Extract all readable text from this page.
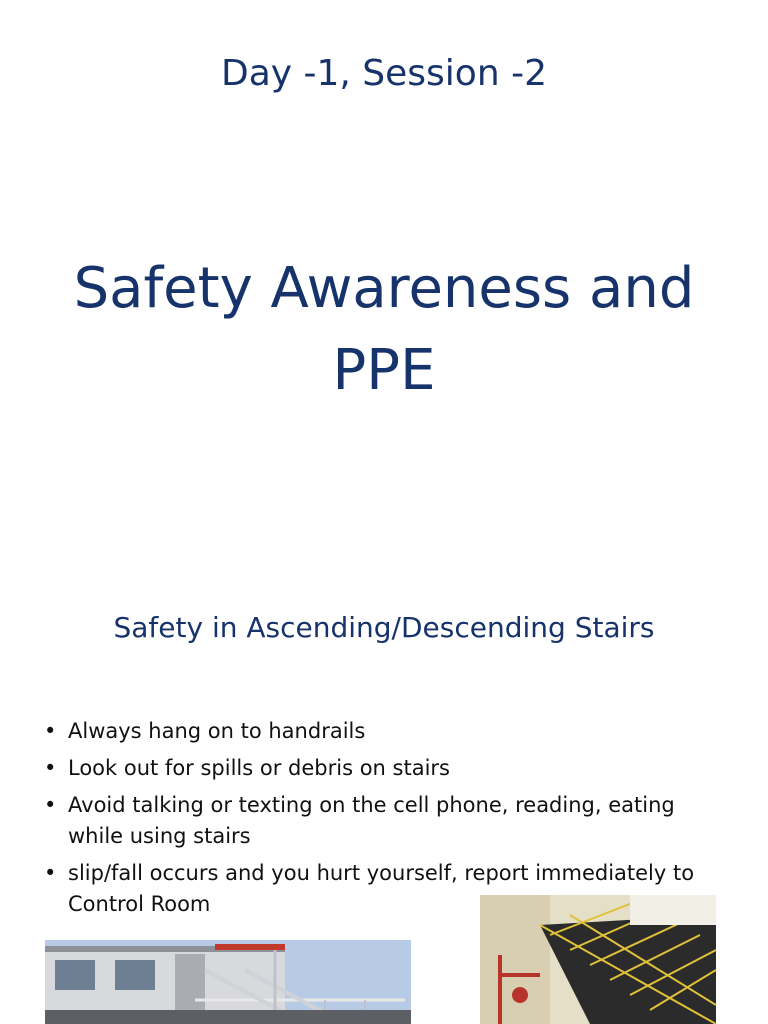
Day -1, Session -2
Safety Awareness and
PPE
Safety in Ascending/Descending Stairs
• Always hang on to handrails
• Look out for spills or debris on stairs
• Avoid talking or texting on the cell phone, reading, eating while using stairs
• slip/fall occurs and you hurt yourself, report immediately to Control Room
